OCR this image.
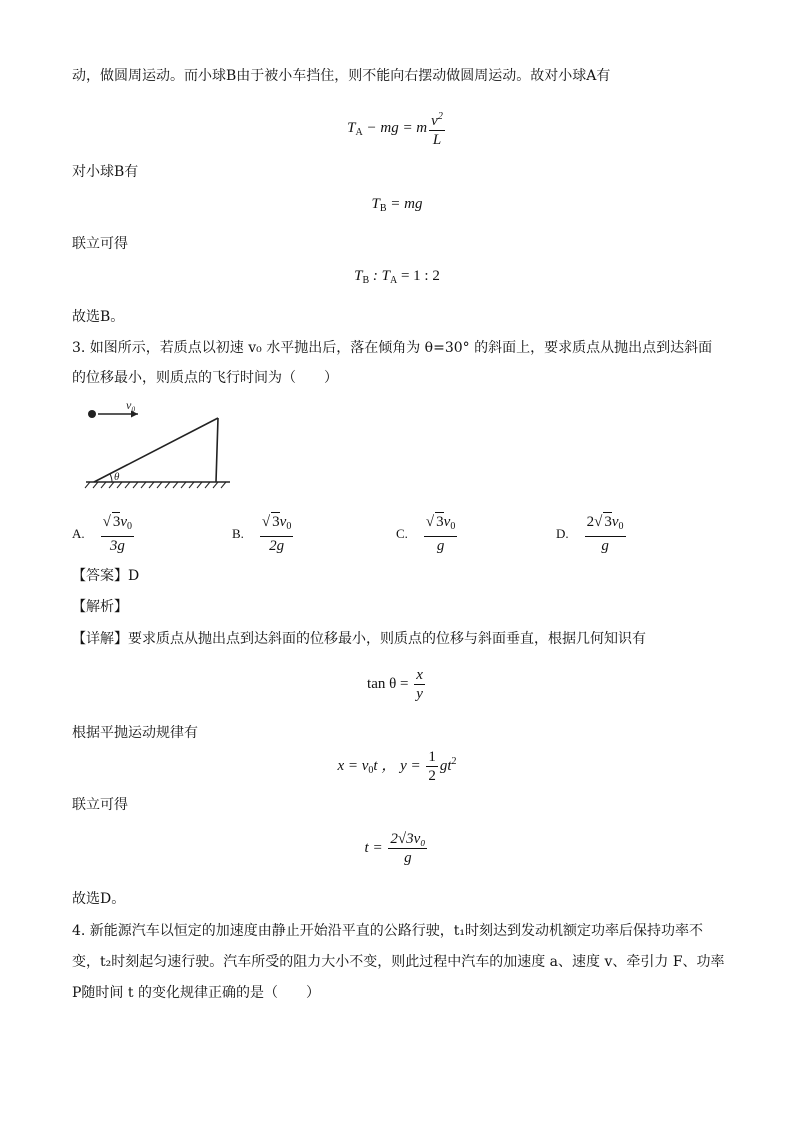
动，做圆周运动。而小球B由于被小车挡住，则不能向右摆动做圆周运动。故对小球A有
$T_A$ − mg = m $\frac{v^2}{L}$
对小球B有
$T_B$ = mg
联立可得
$T_B$ : $T_A = 1$ : 2
故选B。
3. 如图所示，若质点以初速 v₀ 水平抛出后，落在倾角为 θ=30° 的斜面上，要求质点从抛出点到达斜面
的位移最小，则质点的飞行时间为（　　）
v₀
θ
A. $\frac{√ 3v_0}{3g}$	B. $\frac{√ 3v_0}{2g}$	C. $\frac{√ 3v_0}{g}$	D. $\frac{2√ 3v_0}{g}$
【答案】D
【解析】
【详解】要求质点从抛出点到达斜面的位移最小，则质点的位移与斜面垂直，根据几何知识有
$\tan \theta = \frac{x}{y}$
根据平抛运动规律有
$x = v_0t$ ， $y = \frac{1}{2} gt^2$
联立可得
$t = \frac{\text{2√3v₀}}{g}$
故选D。
4. 新能源汽车以恒定的加速度由静止开始沿平直的公路行驶，t₁时刻达到发动机额定功率后保持功率不
变，t₂时刻起匀速行驶。汽车所受的阻力大小不变，则此过程中汽车的加速度 a、速度 v、牵引力 F、功率
P随时间 t 的变化规律正确的是（　　）
